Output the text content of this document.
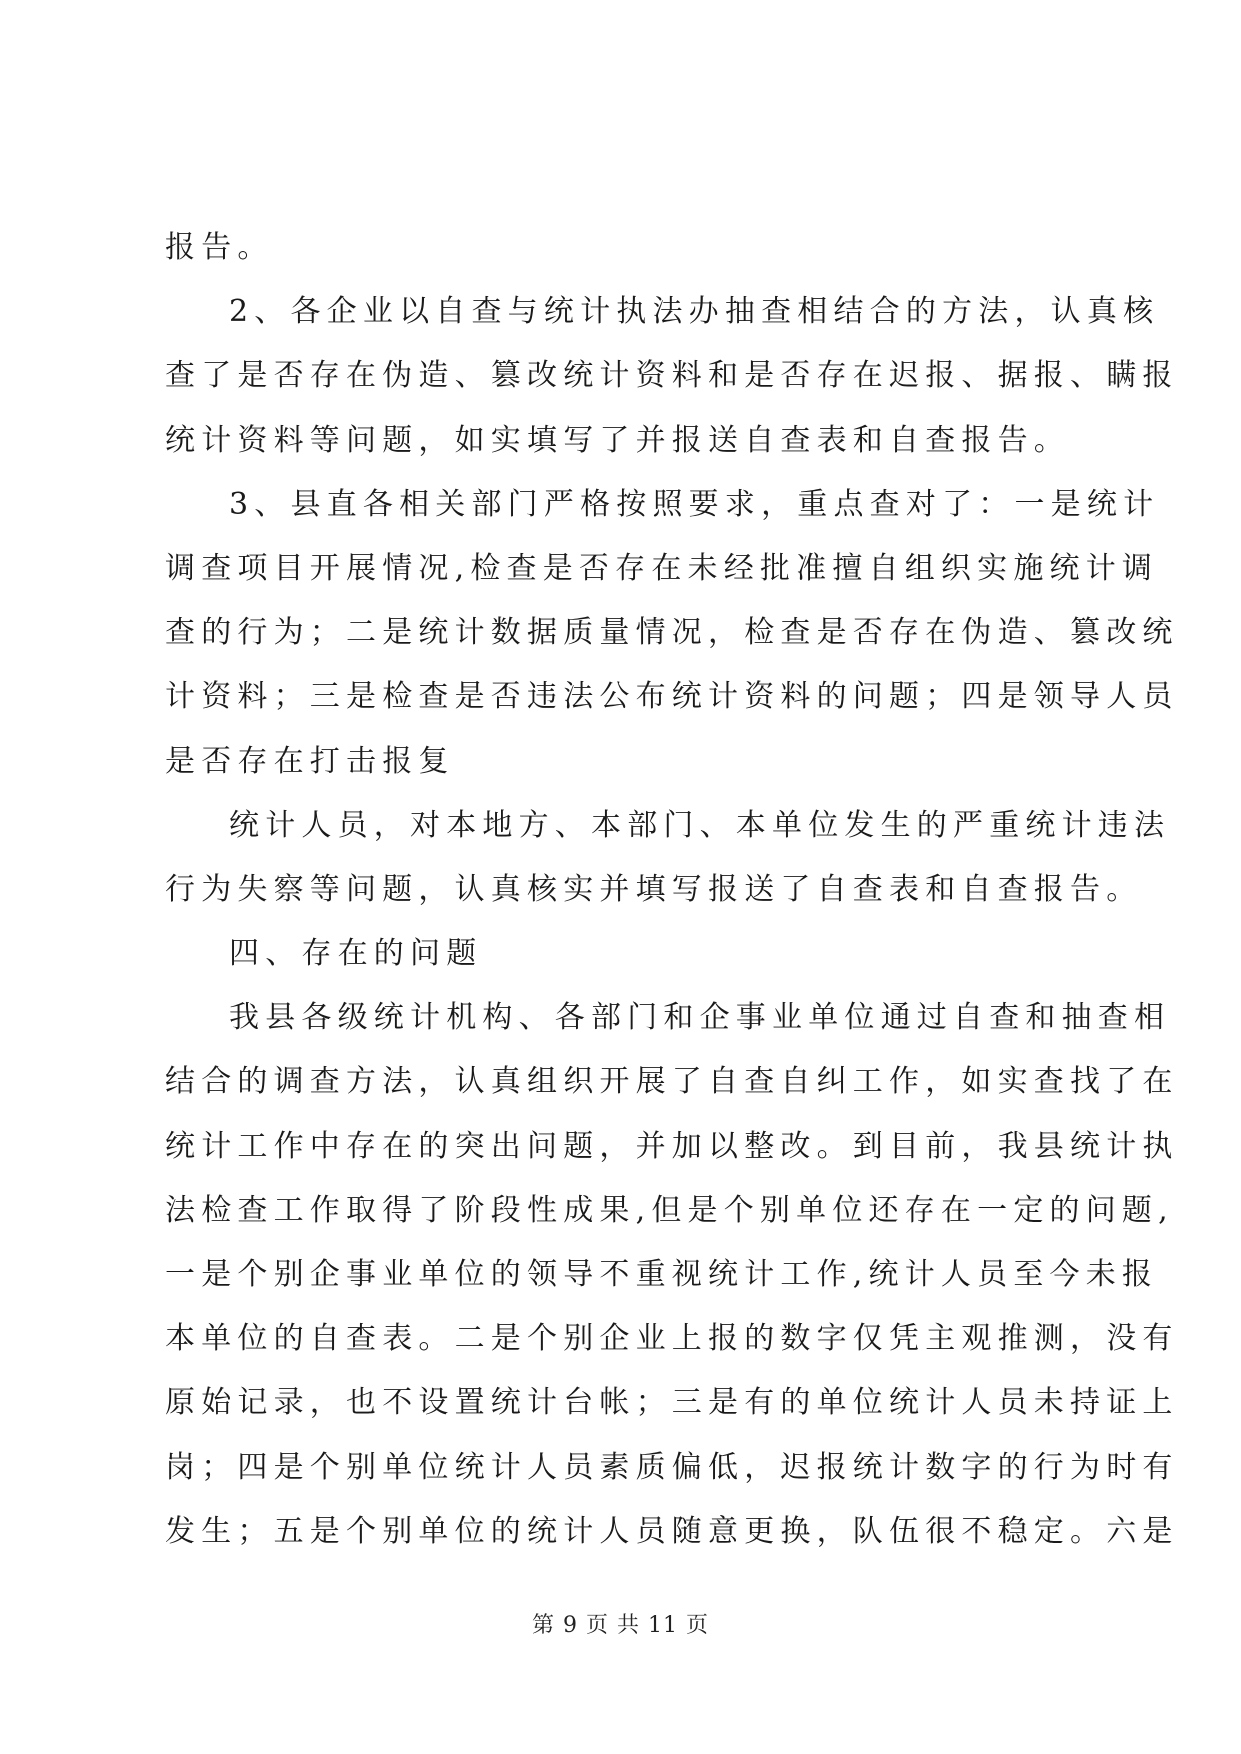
报告。
2、各企业以自查与统计执法办抽查相结合的方法，认真核
查了是否存在伪造、篡改统计资料和是否存在迟报、据报、瞒报
统计资料等问题，如实填写了并报送自查表和自查报告。
3、县直各相关部门严格按照要求，重点查对了：一是统计
调查项目开展情况,检查是否存在未经批准擅自组织实施统计调
查的行为；二是统计数据质量情况，检查是否存在伪造、篡改统
计资料；三是检查是否违法公布统计资料的问题；四是领导人员
是否存在打击报复
统计人员，对本地方、本部门、本单位发生的严重统计违法
行为失察等问题，认真核实并填写报送了自查表和自查报告。
四、存在的问题
我县各级统计机构、各部门和企事业单位通过自查和抽查相
结合的调查方法，认真组织开展了自查自纠工作，如实查找了在
统计工作中存在的突出问题，并加以整改。到目前，我县统计执
法检查工作取得了阶段性成果,但是个别单位还存在一定的问题,
一是个别企事业单位的领导不重视统计工作,统计人员至今未报
本单位的自查表。二是个别企业上报的数字仅凭主观推测，没有
原始记录，也不设置统计台帐；三是有的单位统计人员未持证上
岗；四是个别单位统计人员素质偏低，迟报统计数字的行为时有
发生；五是个别单位的统计人员随意更换，队伍很不稳定。六是
第 9 页 共 11 页
